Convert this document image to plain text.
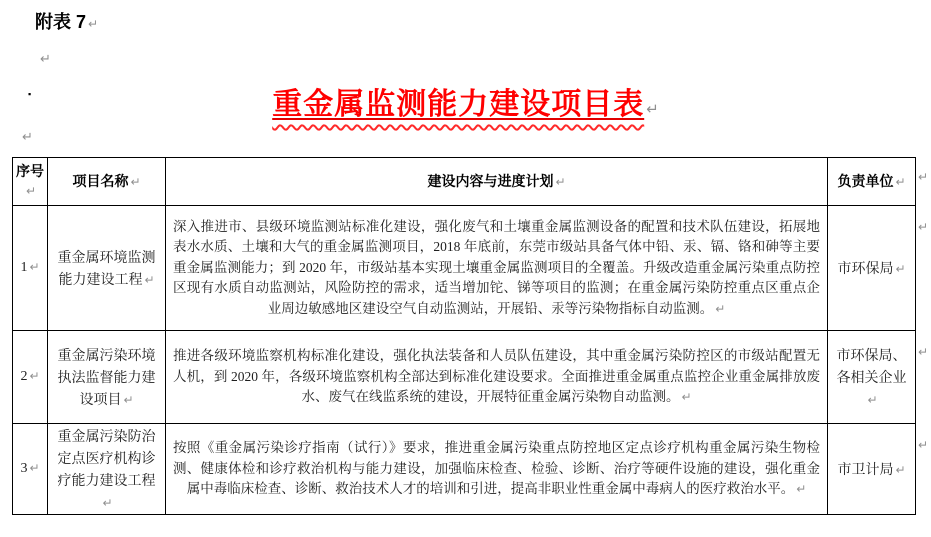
附表 7 ↵
↵
▪	重金属监测能力建设项目表 ↵
↵
序号↵	项目名称 ↵	建设内容与进度计划 ↵	负责单位 ↵
1 ↵	重金属环境监测能力建设工程 ↵	深入推进市、县级环境监测站标准化建设，强化废气和土壤重金属监测设备的配置和技术队伍建设，拓展地表水水质、土壤和大气的重金属监测项目，2018 年底前，东莞市级站具备气体中铅、汞、镉、铬和砷等主要重金属监测能力；到 2020 年，市级站基本实现土壤重金属监测项目的全覆盖。升级改造重金属污染重点防控区现有水质自动监测站，风险防控的需求，适当增加铊、锑等项目的监测；在重金属污染防控重点区重点企业周边敏感地区建设空气自动监测站，开展铅、汞等污染物指标自动监测。 ↵	市环保局 ↵
2 ↵	重金属污染环境执法监督能力建设项目 ↵	推进各级环境监察机构标准化建设，强化执法装备和人员队伍建设，其中重金属污染防控区的市级站配置无人机，到 2020 年，各级环境监察机构全部达到标准化建设要求。全面推进重金属重点监控企业重金属排放废水、废气在线监系统的建设，开展特征重金属污染物自动监测。 ↵	市环保局、各相关企业↵
3 ↵	重金属污染防治定点医疗机构诊疗能力建设工程↵	按照《重金属污染诊疗指南（试行）》要求，推进重金属污染重点防控地区定点诊疗机构重金属污染生物检测、健康体检和诊疗救治机构与能力建设，加强临床检查、检验、诊断、治疗等硬件设施的建设，强化重金属中毒临床检查、诊断、救治技术人才的培训和引进，提高非职业性重金属中毒病人的医疗救治水平。 ↵	市卫计局 ↵
↵
↵
↵
↵
